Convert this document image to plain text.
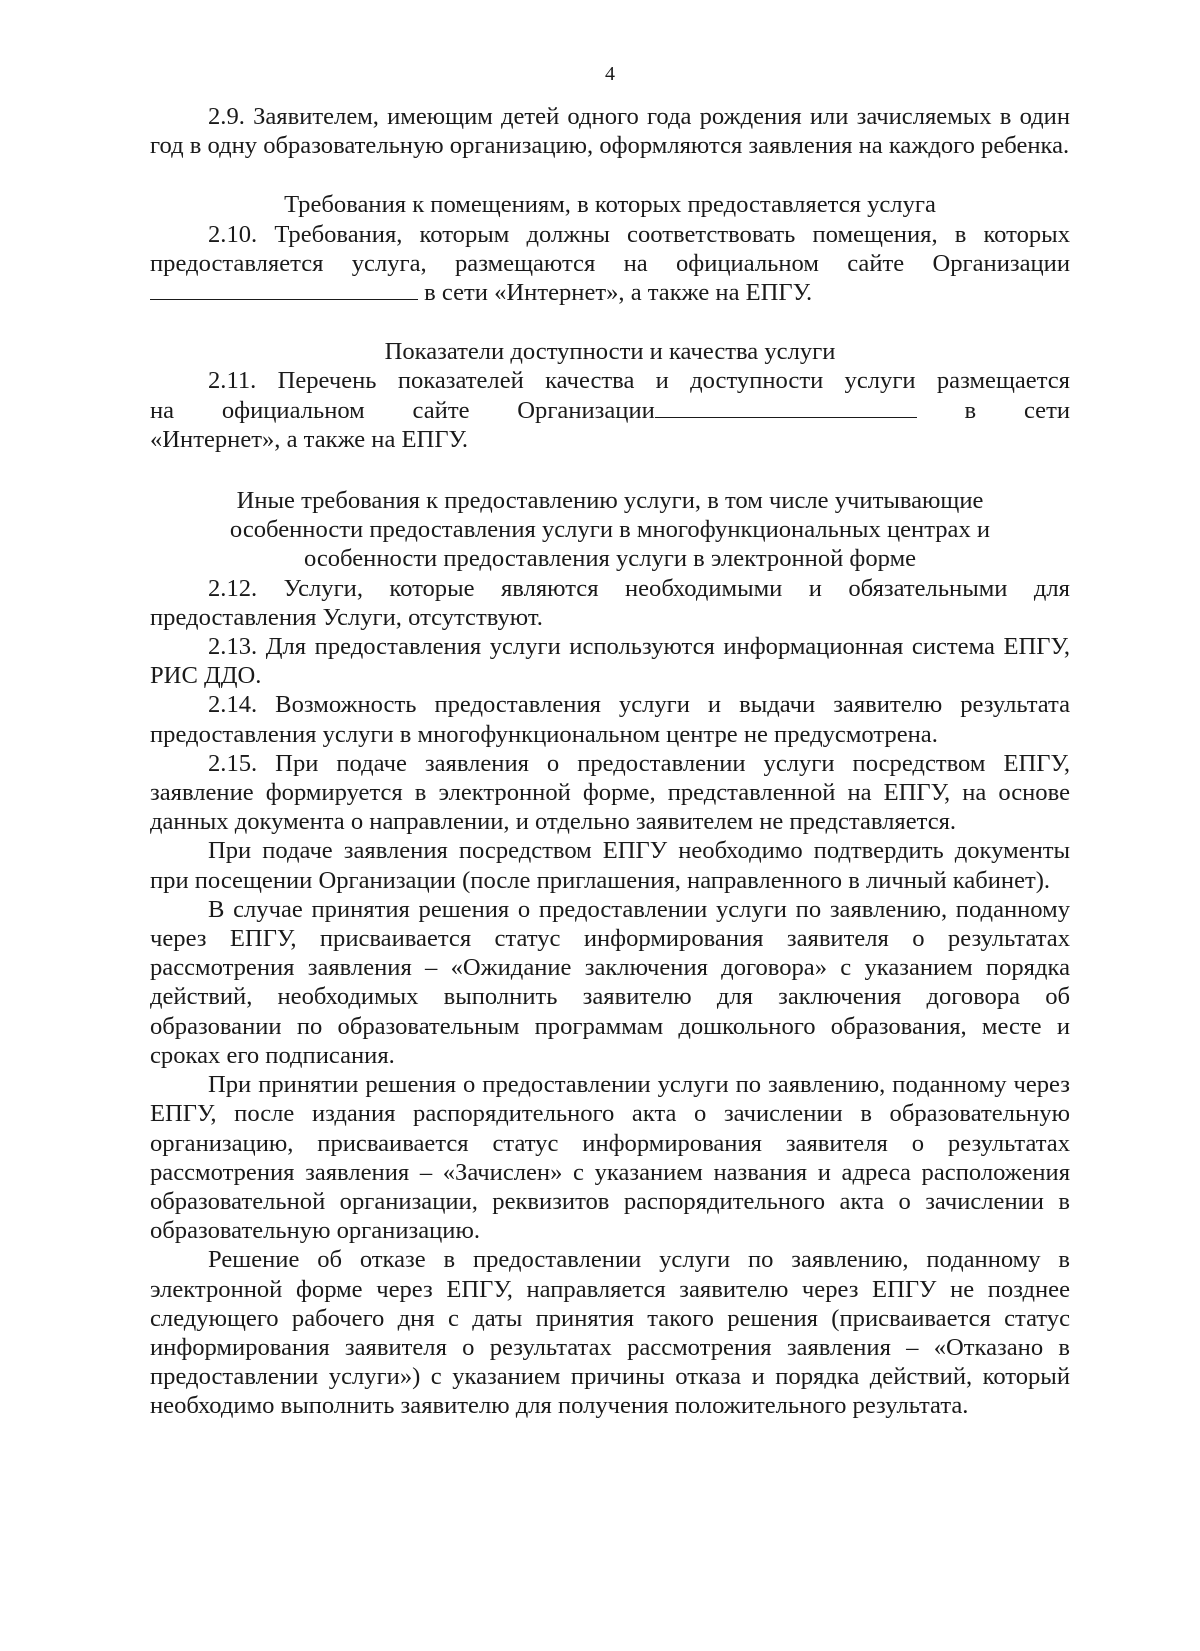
4

2.9. Заявителем, имеющим детей одного года рождения или зачисляемых в один год в одну образовательную организацию, оформляются заявления на каждого ребенка.

Требования к помещениям, в которых предоставляется услуга

2.10. Требования, которым должны соответствовать помещения, в которых предоставляется услуга, размещаются на официальном сайте Организации в сети «Интернет», а также на ЕПГУ.

Показатели доступности и качества услуги

2.11. Перечень показателей качества и доступности услуги размещается

на официальном сайте Организации	в сети

«Интернет», а также на ЕПГУ.

Иные требования к предоставлению услуги, в том числе учитывающие
особенности предоставления услуги в многофункциональных центрах и
особенности предоставления услуги в электронной форме

2.12. Услуги, которые являются необходимыми и обязательными для предоставления Услуги, отсутствуют.

2.13. Для предоставления услуги используются информационная система ЕПГУ, РИС ДДО.

2.14. Возможность предоставления услуги и выдачи заявителю результата предоставления услуги в многофункциональном центре не предусмотрена.

2.15. При подаче заявления о предоставлении услуги посредством ЕПГУ, заявление формируется в электронной форме, представленной на ЕПГУ, на основе данных документа о направлении, и отдельно заявителем не представляется.

При подаче заявления посредством ЕПГУ необходимо подтвердить документы при посещении Организации (после приглашения, направленного в личный кабинет).

В случае принятия решения о предоставлении услуги по заявлению, поданному через ЕПГУ, присваивается статус информирования заявителя о результатах рассмотрения заявления – «Ожидание заключения договора» с указанием порядка действий, необходимых выполнить заявителю для заключения договора об образовании по образовательным программам дошкольного образования, месте и сроках его подписания.

При принятии решения о предоставлении услуги по заявлению, поданному через ЕПГУ, после издания распорядительного акта о зачислении в образовательную организацию, присваивается статус информирования заявителя о результатах рассмотрения заявления – «Зачислен» с указанием названия и адреса расположения образовательной организации, реквизитов распорядительного акта о зачислении в образовательную организацию.

Решение об отказе в предоставлении услуги по заявлению, поданному в электронной форме через ЕПГУ, направляется заявителю через ЕПГУ не позднее следующего рабочего дня с даты принятия такого решения (присваивается статус информирования заявителя о результатах рассмотрения заявления – «Отказано в предоставлении услуги») с указанием причины отказа и порядка действий, который необходимо выполнить заявителю для получения положительного результата.
